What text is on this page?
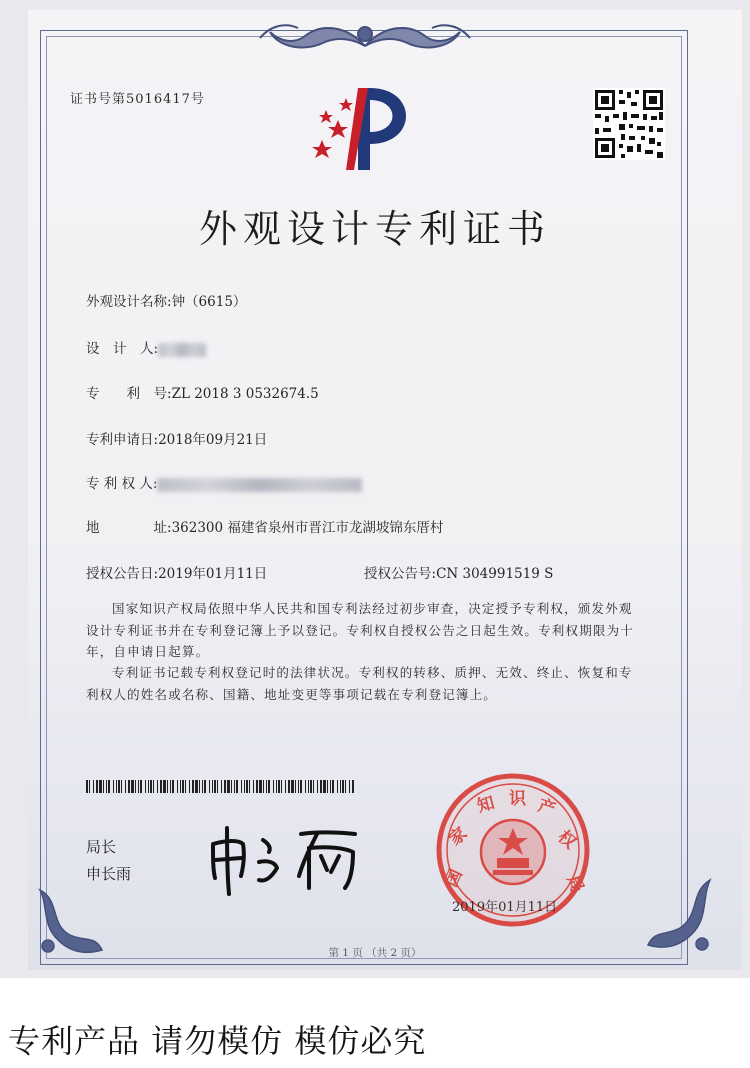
证书号第5016417号
外观设计专利证书
外观设计名称:钟（6615）
设　计　人:
专　　利　号:ZL 2018 3 0532674.5
专利申请日:2018年09月21日
专 利 权 人:
地　　　　址:362300 福建省泉州市晋江市龙湖坡锦东厝村
授权公告日:2019年01月11日	授权公告号:CN 304991519 S
国家知识产权局依照中华人民共和国专利法经过初步审查，决定授予专利权，颁发外观
设计专利证书并在专利登记簿上予以登记。专利权自授权公告之日起生效。专利权期限为十
年，自申请日起算。
专利证书记载专利权登记时的法律状况。专利权的转移、质押、无效、终止、恢复和专
利权人的姓名或名称、国籍、地址变更等事项记载在专利登记簿上。
局长
申长雨	国
家
知 识 产
权
局
2019年01月11日
第 1 页 （共 2 页）
专利产品 请勿模仿 模仿必究
